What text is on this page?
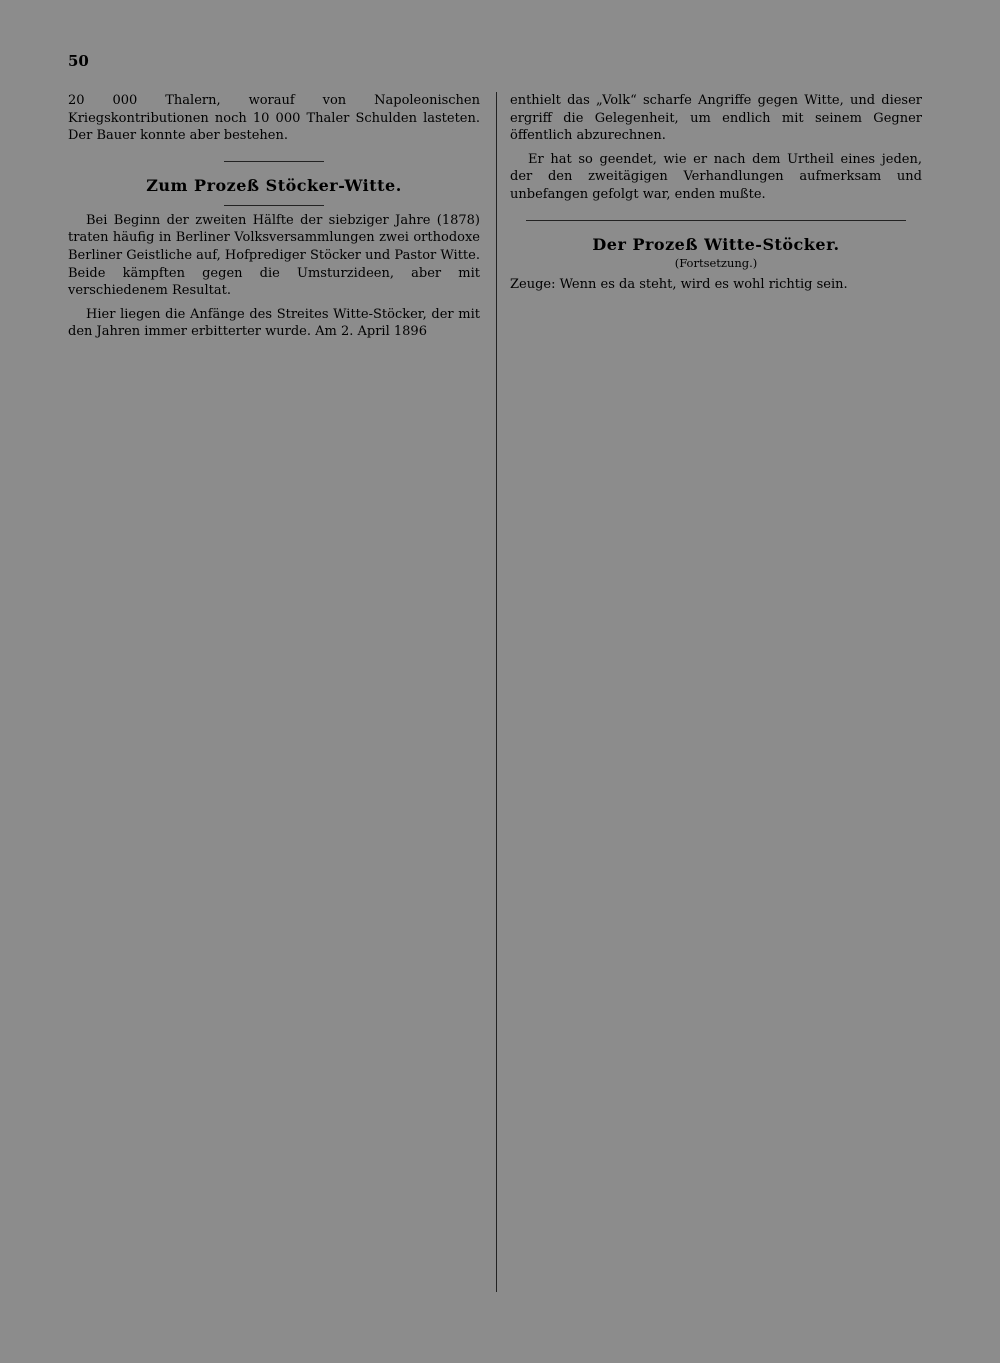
50

20 000 Thalern, worauf von Napoleonischen Kriegskontributionen noch 10 000 Thaler Schulden lasteten. Der Bauer konnte aber bestehen.

Zum Prozeß Stöcker-Witte.

Bei Beginn der zweiten Hälfte der siebziger Jahre (1878) traten häufig in Berliner Volksversammlungen zwei orthodoxe Berliner Geistliche auf, Hofprediger Stöcker und Pastor Witte. Beide kämpften gegen die Umsturzideen, aber mit verschiedenem Resultat.

Hier liegen die Anfänge des Streites Witte-Stöcker, der mit den Jahren immer erbitterter wurde. Am 2. April 1896

enthielt das „Volk“ scharfe Angriffe gegen Witte, und dieser ergriff die Gelegenheit, um endlich mit seinem Gegner öffentlich abzurechnen.

Er hat so geendet, wie er nach dem Urtheil eines jeden, der den zweitägigen Verhandlungen aufmerksam und unbefangen gefolgt war, enden mußte.

Der Prozeß Witte-Stöcker.
(Fortsetzung.)

Zeuge: Wenn es da steht, wird es wohl richtig sein.
